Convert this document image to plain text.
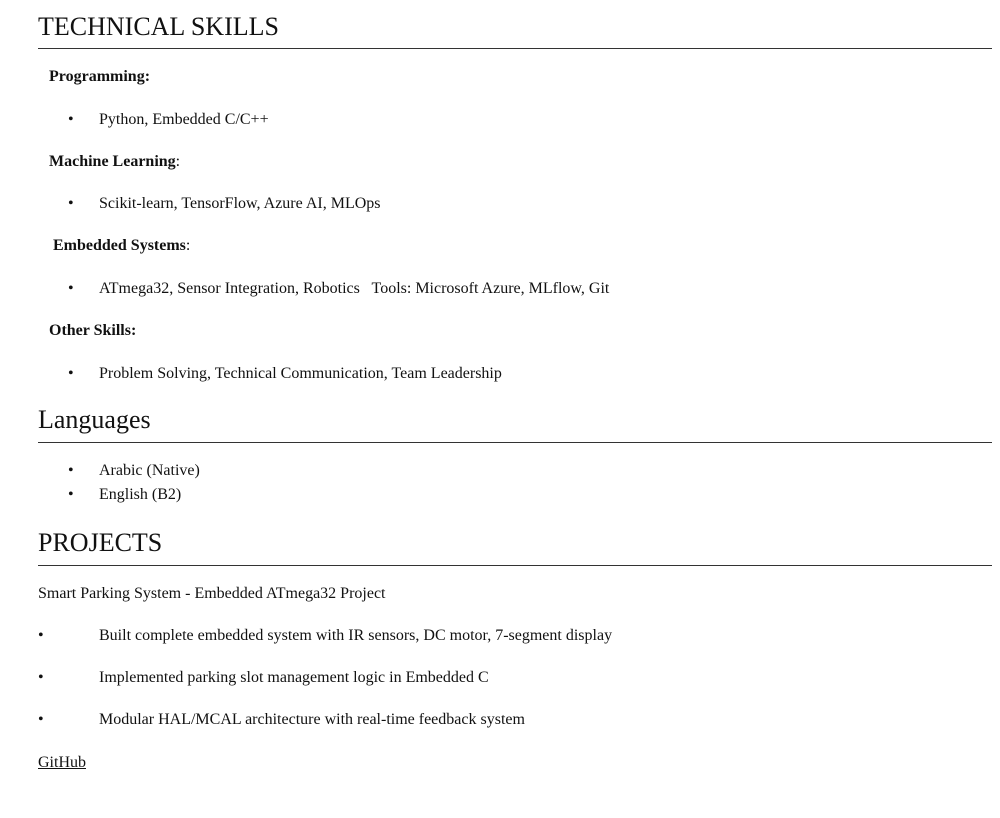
TECHNICAL SKILLS
Programming:
• Python, Embedded C/C++
Machine Learning:
• Scikit-learn, TensorFlow, Azure AI, MLOps
Embedded Systems:
• ATmega32, Sensor Integration, Robotics   Tools: Microsoft Azure, MLflow, Git
Other Skills:
• Problem Solving, Technical Communication, Team Leadership
Languages
• Arabic (Native)
• English (B2)
PROJECTS
Smart Parking System - Embedded ATmega32 Project
•	Built complete embedded system with IR sensors, DC motor, 7-segment display
•	Implemented parking slot management logic in Embedded C
•	Modular HAL/MCAL architecture with real-time feedback system
GitHub
